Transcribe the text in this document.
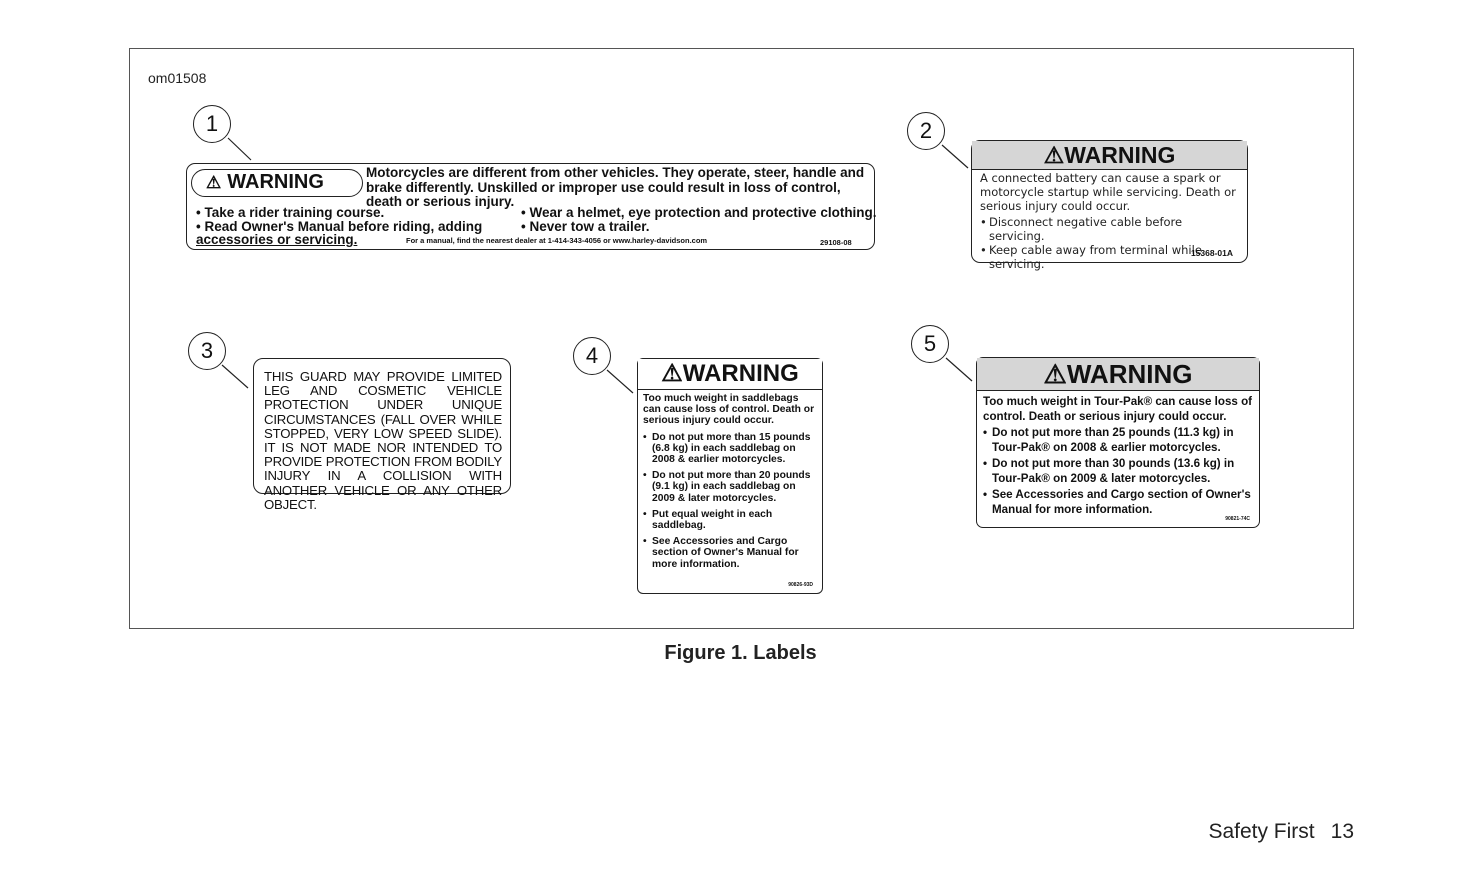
om01508
1	2
3	4	5
⚠ WARNING	Motorcycles are different from other vehicles. They operate, steer, handle and brake differently. Unskilled or improper use could result in loss of control, death or serious injury.
• Take a rider training course.
• Read Owner's Manual before riding, adding
accessories or servicing.
• Wear a helmet, eye protection and protective clothing.
• Never tow a trailer.
For a manual, find the nearest dealer at 1-414-343-4056 or www.harley-davidson.com	29108-08
⚠WARNING
A connected battery can cause a spark or motorcycle startup while servicing. Death or serious injury could occur.
• Disconnect negative cable before servicing.
• Keep cable away from terminal while servicing.
15368-01A
THIS GUARD MAY PROVIDE LIMITED LEG AND COSMETIC VEHICLE PROTECTION UNDER UNIQUE CIRCUMSTANCES (FALL OVER WHILE STOPPED, VERY LOW SPEED SLIDE). IT IS NOT MADE NOR INTENDED TO PROVIDE PROTECTION FROM BODILY INJURY IN A COLLISION WITH ANOTHER VEHICLE OR ANY OTHER OBJECT.
⚠WARNING
Too much weight in saddlebags can cause loss of control. Death or serious injury could occur.
• Do not put more than 15 pounds (6.8 kg) in each saddlebag on 2008 & earlier motorcycles.
• Do not put more than 20 pounds (9.1 kg) in each saddlebag on 2009 & later motorcycles.
• Put equal weight in each saddlebag.
• See Accessories and Cargo section of Owner's Manual for more information.
90826-93D
⚠WARNING
Too much weight in Tour-Pak® can cause loss of control. Death or serious injury could occur.
• Do not put more than 25 pounds (11.3 kg) in Tour-Pak® on 2008 & earlier motorcycles.
• Do not put more than 30 pounds (13.6 kg) in Tour-Pak® on 2009 & later motorcycles.
• See Accessories and Cargo section of Owner's Manual for more information.
90821-74C
Figure 1. Labels
Safety First 13
